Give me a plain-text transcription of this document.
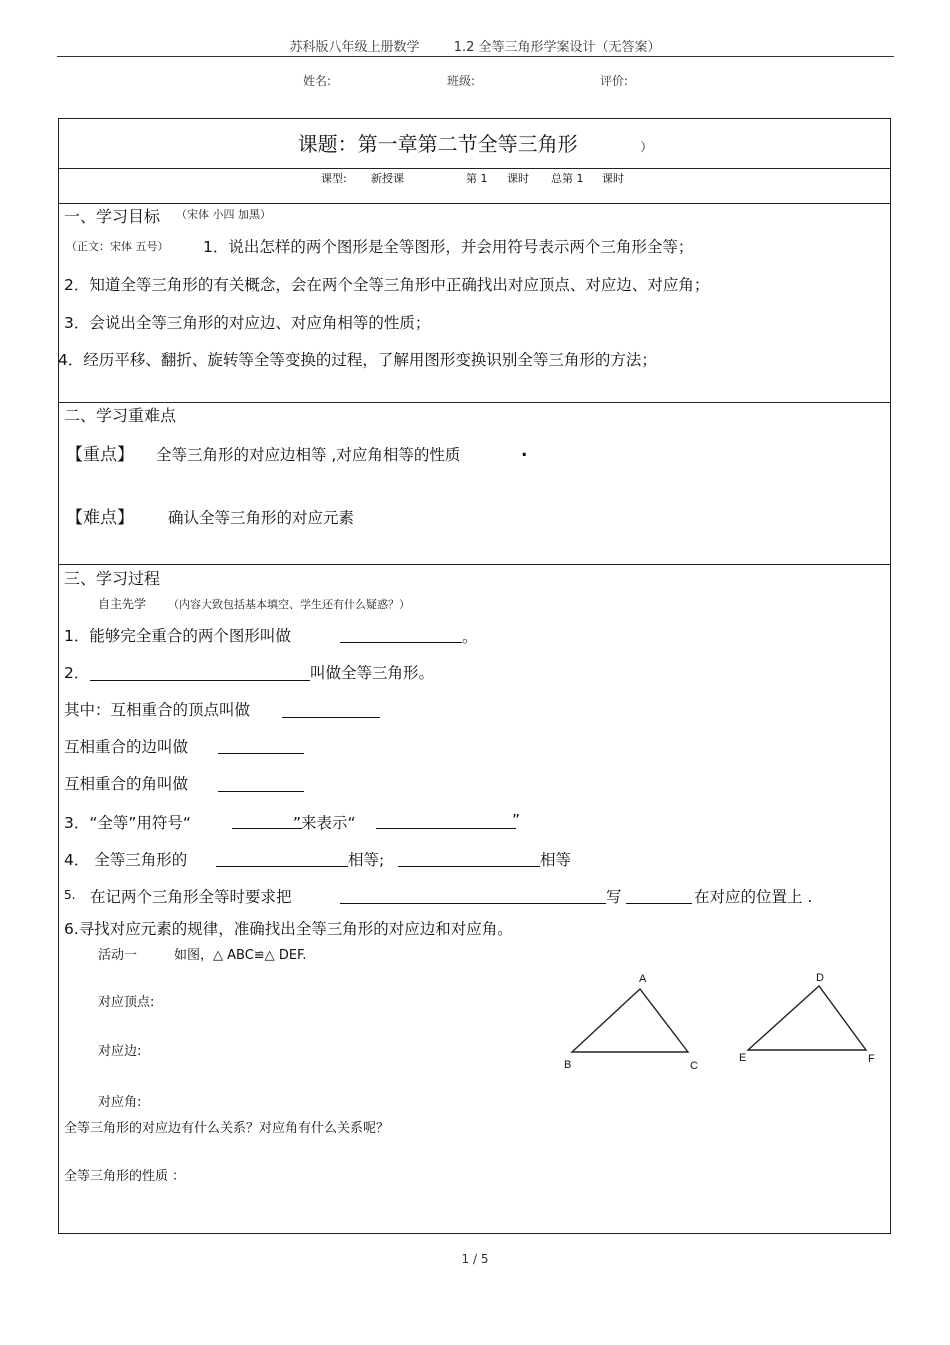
苏科版八年级上册数学	1.2 全等三角形学案设计（无答案）
姓名:	班级:	评价:
课题：第一章第二节全等三角形	）
课型: 新授课	第 1 课时 总第 1 课时
一、学习目标 （宋体 小四 加黑）
（正文：宋体 五号） 1．说出怎样的两个图形是全等图形，并会用符号表示两个三角形全等；
2．知道全等三角形的有关概念，会在两个全等三角形中正确找出对应顶点、对应边、对应角；
3．会说出全等三角形的对应边、对应角相等的性质；
4．经历平移、翻折、旋转等全等变换的过程，了解用图形变换识别全等三角形的方法；
二、学习重难点
【重点】 全等三角形的对应边相等 ,对应角相等的性质	.
【难点】 确认全等三角形的对应元素
三、学习过程
自主先学 （内容大致包括基本填空、学生还有什么疑惑？）
1．能够完全重合的两个图形叫做	。
2．	叫做全等三角形。
其中：互相重合的顶点叫做
互相重合的边叫做
互相重合的角叫做
3．“全等”用符号“	”来表示“	”
4． 全等三角形的	相等;	相等
5. 在记两个三角形全等时要求把	写	在对应的位置上 .
6.寻找对应元素的规律，准确找出全等三角形的对应边和对应角。
活动一	如图，△ ABC≌△ DEF.
对应顶点:
对应边:
对应角:
全等三角形的对应边有什么关系？对应角有什么关系呢？
全等三角形的性质 ：
A
B	C
D
E	F
1 / 5
